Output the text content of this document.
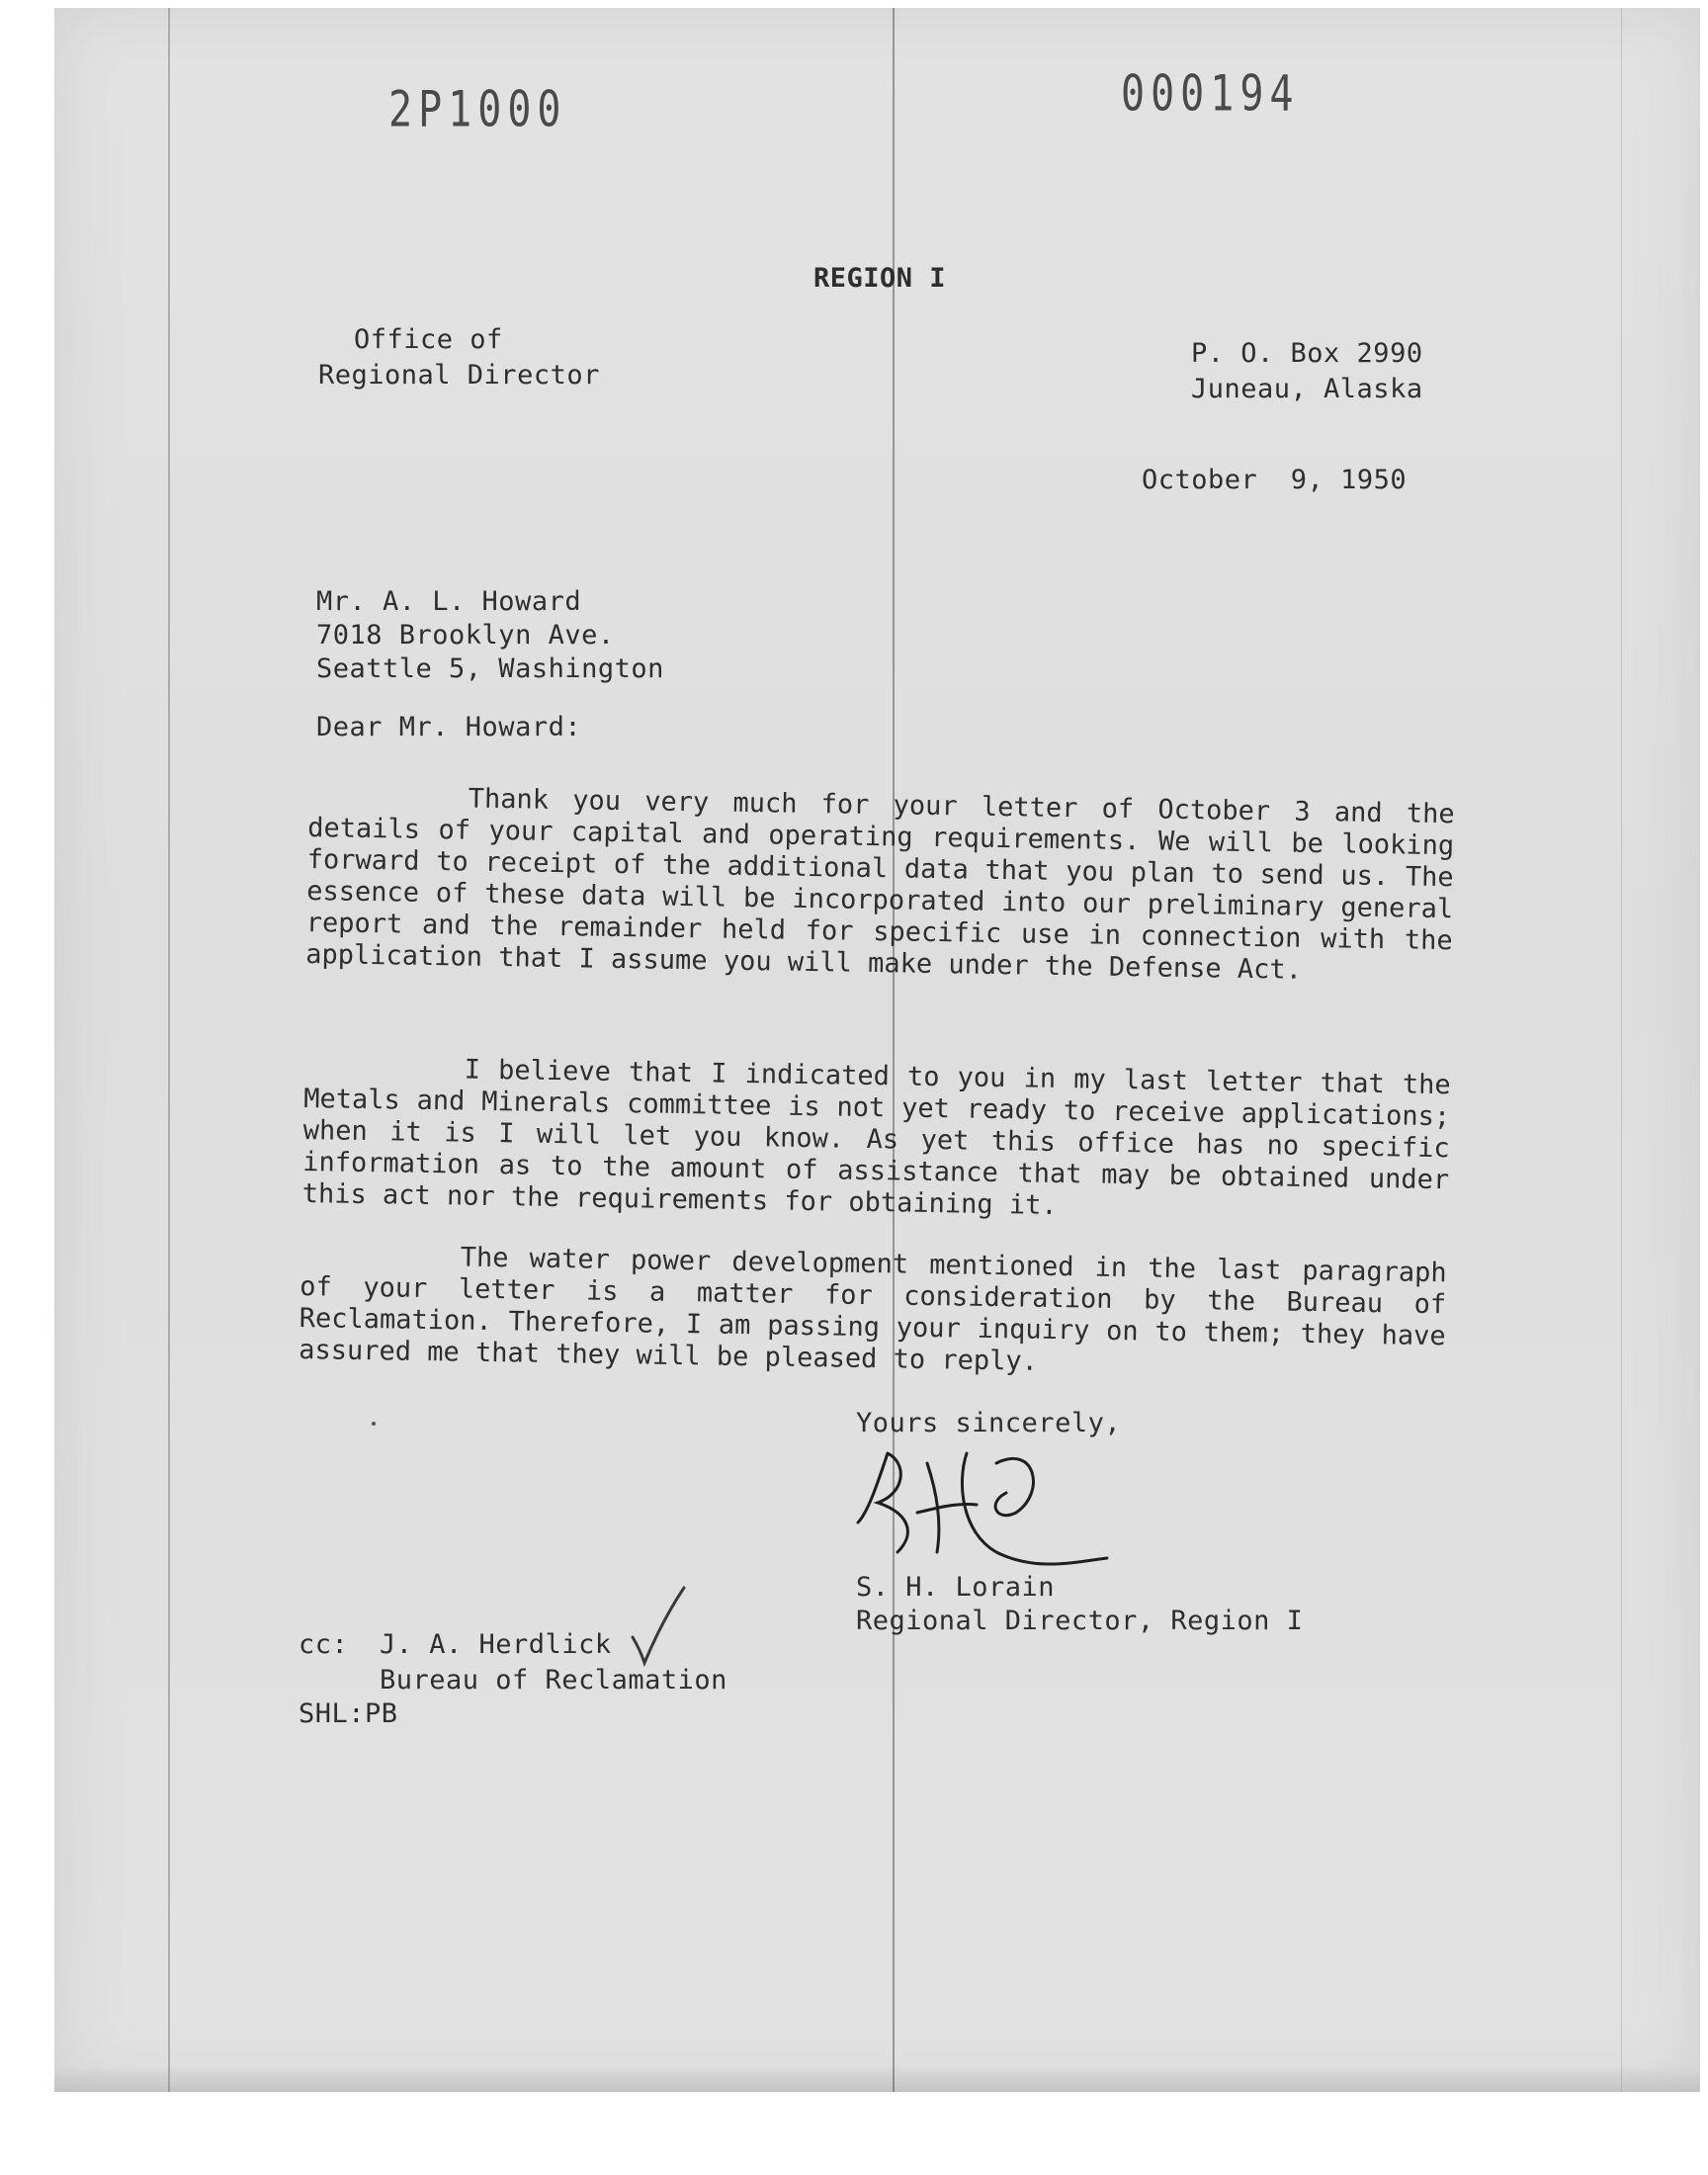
2P1000	000194
REGION I
Office of
Regional Director
P. O. Box 2990
Juneau, Alaska
October  9, 1950
Mr. A. L. Howard
7018 Brooklyn Ave.
Seattle 5, Washington
Dear Mr. Howard:

Thank you very much for your letter of October 3 and the details of your capital and operating requirements. We will be looking forward to receipt of the additional data that you plan to send us. The essence of these data will be incorporated into our preliminary general report and the remainder held for specific use in connection with the application that I assume you will make under the Defense Act.

I believe that I indicated to you in my last letter that the Metals and Minerals committee is not yet ready to receive applications; when it is I will let you know. As yet this office has no specific information as to the amount of assistance that may be obtained under this act nor the requirements for obtaining it.

The water power development mentioned in the last paragraph of your letter is a matter for consideration by the Bureau of Reclamation. Therefore, I am passing your inquiry on to them; they have assured me that they will be pleased to reply.

Yours sincerely,
S. H. Lorain
Regional Director, Region I
cc: J. A. Herdlick
Bureau of Reclamation
SHL:PB
